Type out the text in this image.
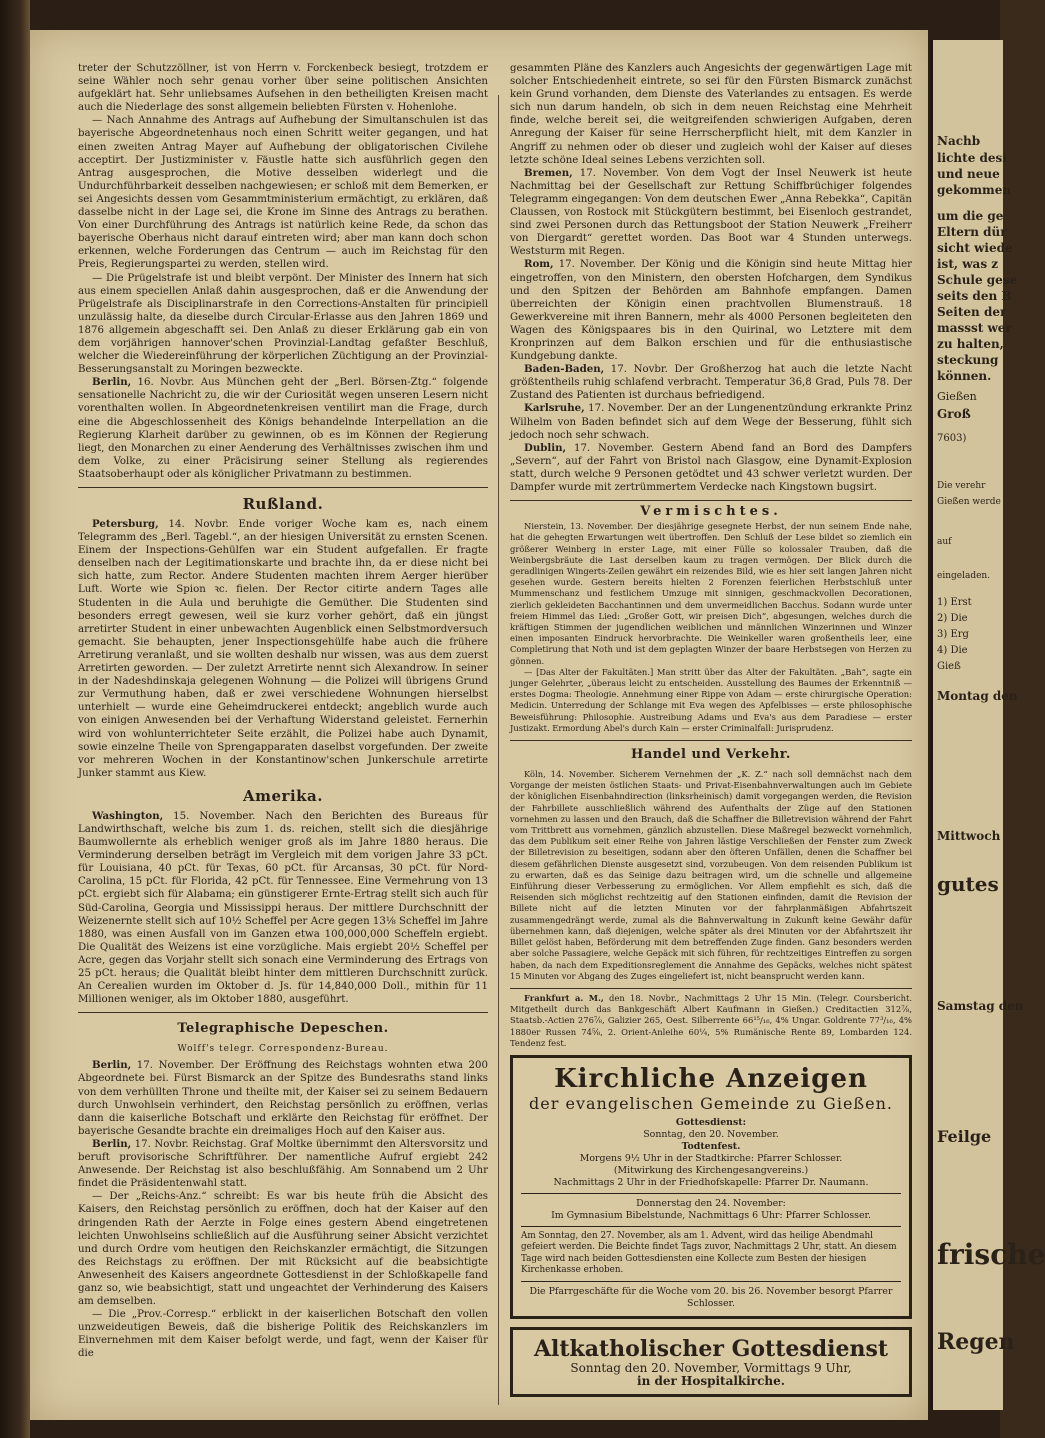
treter der Schutzzöllner, ist von Herrn v. Forckenbeck besiegt, trotzdem er seine Wähler noch sehr genau vorher über seine politischen Ansichten aufgeklärt hat. Sehr unliebsames Aufsehen in den betheiligten Kreisen macht auch die Niederlage des sonst allgemein beliebten Fürsten v. Hohenlohe.

— Nach Annahme des Antrags auf Aufhebung der Simultanschulen ist das bayerische Abgeordnetenhaus noch einen Schritt weiter gegangen, und hat einen zweiten Antrag Mayer auf Aufhebung der obligatorischen Civilehe acceptirt. Der Justizminister v. Fäustle hatte sich ausführlich gegen den Antrag ausgesprochen, die Motive desselben widerlegt und die Undurchführbarkeit desselben nachgewiesen; er schloß mit dem Bemerken, er sei Angesichts dessen vom Gesammtministerium ermächtigt, zu erklären, daß dasselbe nicht in der Lage sei, die Krone im Sinne des Antrags zu berathen. Von einer Durchführung des Antrags ist natürlich keine Rede, da schon das bayerische Oberhaus nicht darauf eintreten wird; aber man kann doch schon erkennen, welche Forderungen das Centrum — auch im Reichstag für den Preis, Regierungspartei zu werden, stellen wird.

— Die Prügelstrafe ist und bleibt verpönt. Der Minister des Innern hat sich aus einem speciellen Anlaß dahin ausgesprochen, daß er die Anwendung der Prügelstrafe als Disciplinarstrafe in den Corrections-Anstalten für principiell unzulässig halte, da dieselbe durch Circular-Erlasse aus den Jahren 1869 und 1876 allgemein abgeschafft sei. Den Anlaß zu dieser Erklärung gab ein von dem vorjährigen hannover'schen Provinzial-Landtag gefaßter Beschluß, welcher die Wiedereinführung der körperlichen Züchtigung an der Provinzial-Besserungsanstalt zu Moringen bezweckte.

Berlin, 16. Novbr. Aus München geht der „Berl. Börsen-Ztg.“ folgende sensationelle Nachricht zu, die wir der Curiosität wegen unseren Lesern nicht vorenthalten wollen. In Abgeordnetenkreisen ventilirt man die Frage, durch eine die Abgeschlossenheit des Königs behandelnde Interpellation an die Regierung Klarheit darüber zu gewinnen, ob es im Können der Regierung liegt, den Monarchen zu einer Aenderung des Verhältnisses zwischen ihm und dem Volke, zu einer Präcisirung seiner Stellung als regierendes Staatsoberhaupt oder als königlicher Privatmann zu bestimmen.

Rußland.

Petersburg, 14. Novbr. Ende voriger Woche kam es, nach einem Telegramm des „Berl. Tagebl.“, an der hiesigen Universität zu ernsten Scenen. Einem der Inspections-Gehülfen war ein Student aufgefallen. Er fragte denselben nach der Legitimationskarte und brachte ihn, da er diese nicht bei sich hatte, zum Rector. Andere Studenten machten ihrem Aerger hierüber Luft. Worte wie Spion ꝛc. fielen. Der Rector citirte andern Tages alle Studenten in die Aula und beruhigte die Gemüther. Die Studenten sind besonders erregt gewesen, weil sie kurz vorher gehört, daß ein jüngst arretirter Student in einer unbewachten Augenblick einen Selbstmordversuch gemacht. Sie behaupten, jener Inspectionsgehülfe habe auch die frühere Arretirung veranlaßt, und sie wollten deshalb nur wissen, was aus dem zuerst Arretirten geworden. — Der zuletzt Arretirte nennt sich Alexandrow. In seiner in der Nadeshdinskaja gelegenen Wohnung — die Polizei will übrigens Grund zur Vermuthung haben, daß er zwei verschiedene Wohnungen hierselbst unterhielt — wurde eine Geheimdruckerei entdeckt; angeblich wurde auch von einigen Anwesenden bei der Verhaftung Widerstand geleistet. Fernerhin wird von wohlunterrichteter Seite erzählt, die Polizei habe auch Dynamit, sowie einzelne Theile von Sprengapparaten daselbst vorgefunden. Der zweite vor mehreren Wochen in der Konstantinow'schen Junkerschule arretirte Junker stammt aus Kiew.

Amerika.

Washington, 15. November. Nach den Berichten des Bureaus für Landwirthschaft, welche bis zum 1. ds. reichen, stellt sich die diesjährige Baumwollernte als erheblich weniger groß als im Jahre 1880 heraus. Die Verminderung derselben beträgt im Vergleich mit dem vorigen Jahre 33 pCt. für Louisiana, 40 pCt. für Texas, 60 pCt. für Arcansas, 30 pCt. für Nord-Carolina, 15 pCt. für Florida, 42 pCt. für Tennessee. Eine Vermehrung von 13 pCt. ergiebt sich für Alabama; ein günstigerer Ernte-Ertrag stellt sich auch für Süd-Carolina, Georgia und Mississippi heraus. Der mittlere Durchschnitt der Weizenernte stellt sich auf 10½ Scheffel per Acre gegen 13⅛ Scheffel im Jahre 1880, was einen Ausfall von im Ganzen etwa 100,000,000 Scheffeln ergiebt. Die Qualität des Weizens ist eine vorzügliche. Mais ergiebt 20½ Scheffel per Acre, gegen das Vorjahr stellt sich sonach eine Verminderung des Ertrags von 25 pCt. heraus; die Qualität bleibt hinter dem mittleren Durchschnitt zurück. An Cerealien wurden im Oktober d. Js. für 14,840,000 Doll., mithin für 11 Millionen weniger, als im Oktober 1880, ausgeführt.

Telegraphische Depeschen.
Wolff's telegr. Correspondenz-Bureau.

Berlin, 17. November. Der Eröffnung des Reichstags wohnten etwa 200 Abgeordnete bei. Fürst Bismarck an der Spitze des Bundesraths stand links von dem verhüllten Throne und theilte mit, der Kaiser sei zu seinem Bedauern durch Unwohlsein verhindert, den Reichstag persönlich zu eröffnen, verlas dann die kaiserliche Botschaft und erklärte den Reichstag für eröffnet. Der bayerische Gesandte brachte ein dreimaliges Hoch auf den Kaiser aus.

Berlin, 17. Novbr. Reichstag. Graf Moltke übernimmt den Altersvorsitz und beruft provisorische Schriftführer. Der namentliche Aufruf ergiebt 242 Anwesende. Der Reichstag ist also beschlußfähig. Am Sonnabend um 2 Uhr findet die Präsidentenwahl statt.

— Der „Reichs-Anz.“ schreibt: Es war bis heute früh die Absicht des Kaisers, den Reichstag persönlich zu eröffnen, doch hat der Kaiser auf den dringenden Rath der Aerzte in Folge eines gestern Abend eingetretenen leichten Unwohlseins schließlich auf die Ausführung seiner Absicht verzichtet und durch Ordre vom heutigen den Reichskanzler ermächtigt, die Sitzungen des Reichstags zu eröffnen. Der mit Rücksicht auf die beabsichtigte Anwesenheit des Kaisers angeordnete Gottesdienst in der Schloßkapelle fand ganz so, wie beabsichtigt, statt und ungeachtet der Verhinderung des Kaisers am demselben.

— Die „Prov.-Corresp.“ erblickt in der kaiserlichen Botschaft den vollen unzweideutigen Beweis, daß die bisherige Politik des Reichskanzlers im Einvernehmen mit dem Kaiser befolgt werde, und fagt, wenn der Kaiser für die

gesammten Pläne des Kanzlers auch Angesichts der gegenwärtigen Lage mit solcher Entschiedenheit eintrete, so sei für den Fürsten Bismarck zunächst kein Grund vorhanden, dem Dienste des Vaterlandes zu entsagen. Es werde sich nun darum handeln, ob sich in dem neuen Reichstag eine Mehrheit finde, welche bereit sei, die weitgreifenden schwierigen Aufgaben, deren Anregung der Kaiser für seine Herrscherpflicht hielt, mit dem Kanzler in Angriff zu nehmen oder ob dieser und zugleich wohl der Kaiser auf dieses letzte schöne Ideal seines Lebens verzichten soll.

Bremen, 17. November. Von dem Vogt der Insel Neuwerk ist heute Nachmittag bei der Gesellschaft zur Rettung Schiffbrüchiger folgendes Telegramm eingegangen: Von dem deutschen Ewer „Anna Rebekka“, Capitän Claussen, von Rostock mit Stückgütern bestimmt, bei Eisenloch gestrandet, sind zwei Personen durch das Rettungsboot der Station Neuwerk „Freiherr von Diergardt“ gerettet worden. Das Boot war 4 Stunden unterwegs. Weststurm mit Regen.

Rom, 17. November. Der König und die Königin sind heute Mittag hier eingetroffen, von den Ministern, den obersten Hofchargen, dem Syndikus und den Spitzen der Behörden am Bahnhofe empfangen. Damen überreichten der Königin einen prachtvollen Blumenstrauß. 18 Gewerkvereine mit ihren Bannern, mehr als 4000 Personen begleiteten den Wagen des Königspaares bis in den Quirinal, wo Letztere mit dem Kronprinzen auf dem Balkon erschien und für die enthusiastische Kundgebung dankte.

Baden-Baden, 17. Novbr. Der Großherzog hat auch die letzte Nacht größtentheils ruhig schlafend verbracht. Temperatur 36,8 Grad, Puls 78. Der Zustand des Patienten ist durchaus befriedigend.

Karlsruhe, 17. November. Der an der Lungenentzündung erkrankte Prinz Wilhelm von Baden befindet sich auf dem Wege der Besserung, fühlt sich jedoch noch sehr schwach.

Dublin, 17. November. Gestern Abend fand an Bord des Dampfers „Severn“, auf der Fahrt von Bristol nach Glasgow, eine Dynamit-Explosion statt, durch welche 9 Personen getödtet und 43 schwer verletzt wurden. Der Dampfer wurde mit zertrümmertem Verdecke nach Kingstown bugsirt.

Vermischtes.

Nierstein, 13. November. Der diesjährige gesegnete Herbst, der nun seinem Ende nahe, hat die gehegten Erwartungen weit übertroffen. Den Schluß der Lese bildet so ziemlich ein größerer Weinberg in erster Lage, mit einer Fülle so kolossaler Trauben, daß die Weinbergsbräute die Last derselben kaum zu tragen vermögen. Der Blick durch die geradlinigen Wingerts-Zeilen gewährt ein reizendes Bild, wie es hier seit langen Jahren nicht gesehen wurde. Gestern bereits hielten 2 Forenzen feierlichen Herbstschluß unter Mummenschanz und festlichem Umzuge mit sinnigen, geschmackvollen Decorationen, zierlich gekleideten Bacchantinnen und dem unvermeidlichen Bacchus. Sodann wurde unter freiem Himmel das Lied: „Großer Gott, wir preisen Dich“, abgesungen, welches durch die kräftigen Stimmen der jugendlichen weiblichen und männlichen Winzerinnen und Winzer einen imposanten Eindruck hervorbrachte. Die Weinkeller waren großentheils leer, eine Completirung that Noth und ist dem geplagten Winzer der baare Herbstsegen von Herzen zu gönnen.

— [Das Alter der Fakultäten.] Man stritt über das Alter der Fakultäten. „Bah“, sagte ein junger Gelehrter, „überaus leicht zu entscheiden. Ausstellung des Baumes der Erkenntniß — erstes Dogma: Theologie. Annehmung einer Rippe von Adam — erste chirurgische Operation: Medicin. Unterredung der Schlange mit Eva wegen des Apfelbisses — erste philosophische Beweisführung: Philosophie. Austreibung Adams und Eva's aus dem Paradiese — erster Justizakt. Ermordung Abel's durch Kain — erster Criminalfall: Jurisprudenz.

Handel und Verkehr.

Köln, 14. November. Sicherem Vernehmen der „K. Z.“ nach soll demnächst nach dem Vorgange der meisten östlichen Staats- und Privat-Eisenbahnverwaltungen auch im Gebiete der königlichen Eisenbahndirection (linksrheinisch) damit vorgegangen werden, die Revision der Fahrbillete ausschließlich während des Aufenthalts der Züge auf den Stationen vornehmen zu lassen und den Brauch, daß die Schaffner die Billetrevision während der Fahrt vom Trittbrett aus vornehmen, gänzlich abzustellen. Diese Maßregel bezweckt vornehmlich, das dem Publikum seit einer Reihe von Jahren lästige Verschließen der Fenster zum Zweck der Billetrevision zu beseitigen, sodann aber den öfteren Unfällen, denen die Schaffner bei diesem gefährlichen Dienste ausgesetzt sind, vorzubeugen. Von dem reisenden Publikum ist zu erwarten, daß es das Seinige dazu beitragen wird, um die schnelle und allgemeine Einführung dieser Verbesserung zu ermöglichen. Vor Allem empfiehlt es sich, daß die Reisenden sich möglichst rechtzeitig auf den Stationen einfinden, damit die Revision der Billete nicht auf die letzten Minuten vor der fahrplanmäßigen Abfahrtszeit zusammengedrängt werde, zumal als die Bahnverwaltung in Zukunft keine Gewähr dafür übernehmen kann, daß diejenigen, welche später als drei Minuten vor der Abfahrtszeit ihr Billet gelöst haben, Beförderung mit dem betreffenden Zuge finden. Ganz besonders werden aber solche Passagiere, welche Gepäck mit sich führen, für rechtzeitiges Eintreffen zu sorgen haben, da nach dem Expeditionsreglement die Annahme des Gepäcks, welches nicht spätest 15 Minuten vor Abgang des Zuges eingeliefert ist, nicht beansprucht werden kann.

Frankfurt a. M., den 18. Novbr., Nachmittags 2 Uhr 15 Min. (Telegr. Coursbericht. Mitgetheilt durch das Bankgeschäft Albert Kaufmann in Gießen.) Creditactien 312⅞, Staatsb.-Actien 276⅞, Galizier 265, Oest. Silberrente 66¹⁵/₁₆, 4% Ungar. Goldrente 77³/₁₆, 4% 1880er Russen 74⅝, 2. Orient-Anleihe 60¼, 5% Rumänische Rente 89, Lombarden 124. Tendenz fest.

Kirchliche Anzeigen
der evangelischen Gemeinde zu Gießen.
Gottesdienst:
Sonntag, den 20. November.
Todtenfest.
Morgens 9½ Uhr in der Stadtkirche: Pfarrer Schlosser.
(Mitwirkung des Kirchengesangvereins.)
Nachmittags 2 Uhr in der Friedhofskapelle: Pfarrer Dr. Naumann.
Donnerstag den 24. November:
Im Gymnasium Bibelstunde, Nachmittags 6 Uhr: Pfarrer Schlosser.
Am Sonntag, den 27. November, als am 1. Advent, wird das heilige Abendmahl gefeiert werden. Die Beichte findet Tags zuvor, Nachmittags 2 Uhr, statt. An diesem Tage wird nach beiden Gottesdiensten eine Kollecte zum Besten der hiesigen Kirchenkasse erhoben.
Die Pfarrgeschäfte für die Woche vom 20. bis 26. November besorgt Pfarrer Schlosser.
Altkatholischer Gottesdienst
Sonntag den 20. November, Vormittags 9 Uhr,
in der Hospitalkirche.
Nachb
lichte desi
und neue
gekommen
um die ge
Eltern dür
sicht wiede
ist, was z
Schule gese
seits den B
Seiten der
massst wer
zu halten,
steckung
können.
Gießen
Groß
7603)
Die verehr
Gießen werde
auf
eingeladen.
1) Erst
2) Die
3) Erg
4) Die
Gieß
Montag den
Mittwoch
gutes
Samstag den
Feilge
frische
Regen
